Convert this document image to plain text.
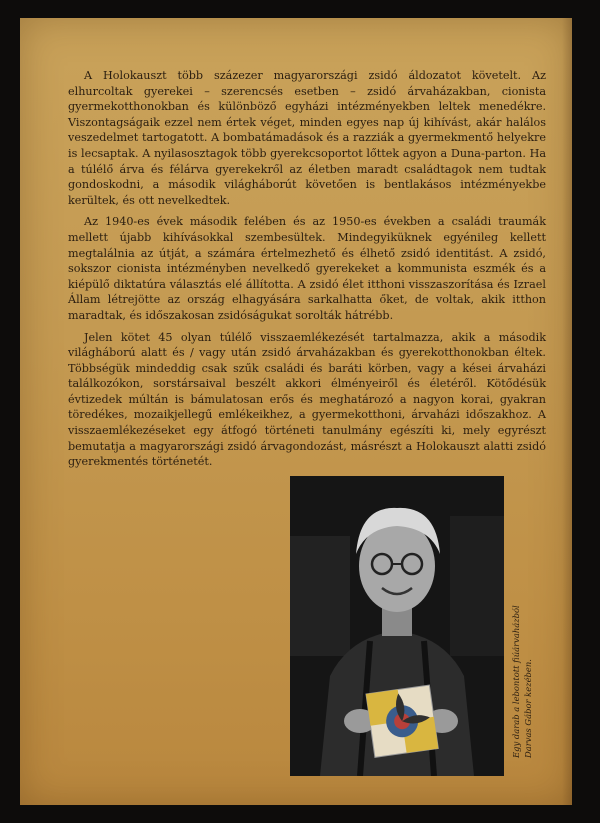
A Holokauszt több százezer magyarországi zsidó áldozatot követelt. Az elhurcoltak gyerekei – szerencsés esetben – zsidó árvaházakban, cionista gyermekotthonokban és különböző egyházi intézményekben leltek menedékre. Viszontagságaik ezzel nem értek véget, minden egyes nap új kihívást, akár halálos veszedelmet tartogatott. A bombatámadások és a razziák a gyermekmentő helyekre is lecsaptak. A nyilasosztagok több gyerekcsoportot lőttek agyon a Duna-parton. Ha a túlélő árva és félárva gyerekekről az életben maradt családtagok nem tudtak gondoskodni, a második világháborút követően is bentlakásos intézményekbe kerültek, és ott nevelkedtek.

Az 1940-es évek második felében és az 1950-es években a családi traumák mellett újabb kihívásokkal szembesültek. Mindegyiküknek egyénileg kellett megtalálnia az útját, a számára értelmezhető és élhető zsidó identitást. A zsidó, sokszor cionista intézményben nevelkedő gyerekeket a kommunista eszmék és a kiépülő diktatúra választás elé állította. A zsidó élet itthoni visszaszorítása és Izrael Állam létrejötte az ország elhagyására sarkalhatta őket, de voltak, akik itthon maradtak, és időszakosan zsidóságukat sorolták hátrébb.

Jelen kötet 45 olyan túlélő visszaemlékezését tartalmazza, akik a második világháború alatt és / vagy után zsidó árvaházakban és gyerekotthonokban éltek. Többségük mindeddig csak szűk családi és baráti körben, vagy a kései árvaházi találkozókon, sorstársaival beszélt akkori élményeiről és életéről. Kötődésük évtizedek múltán is bámulatosan erős és meghatározó a nagyon korai, gyakran töredékes, mozaikjellegű emlékeikhez, a gyermekotthoni, árvaházi időszakhoz. A visszaemlékezéseket egy átfogó történeti tanulmány egészíti ki, mely egyrészt bemutatja a magyarországi zsidó árvagondozást, másrészt a Holokauszt alatti zsidó gyerekmentés történetét.

Egy darab a lebontott fiúárvaházból Darvas Gábor kezében.
